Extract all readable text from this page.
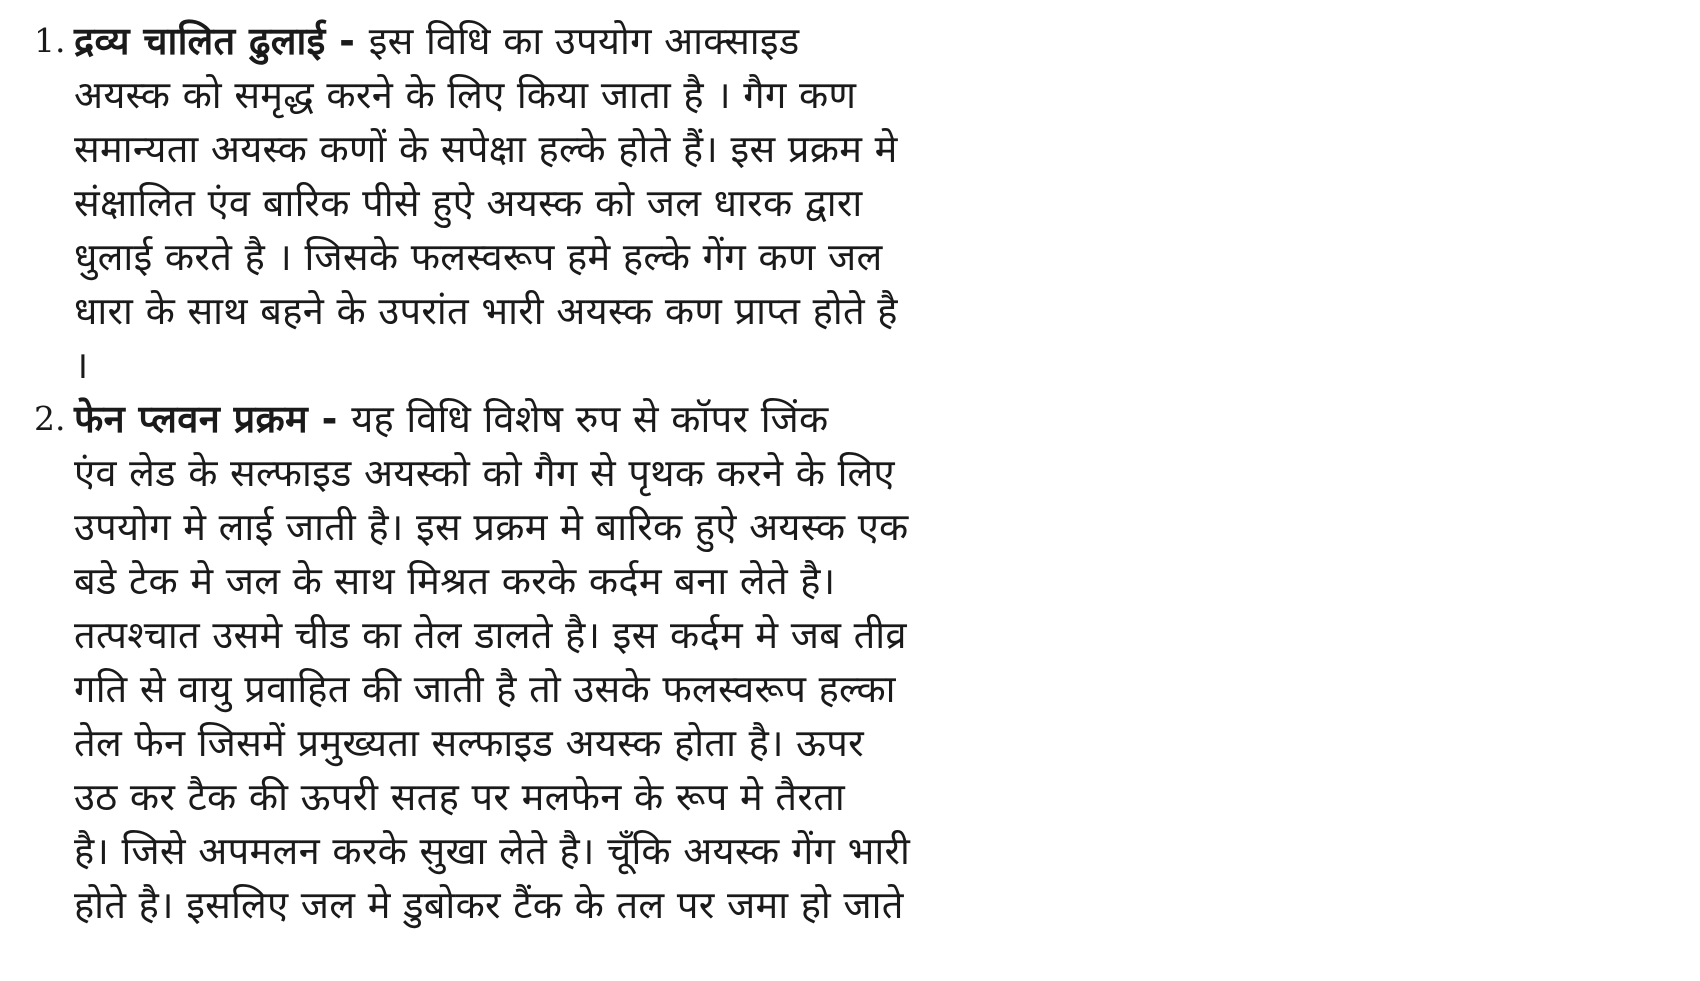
1. द्रव्य चालित ढुलाई - इस विधि का उपयोग आक्साइड
अयस्क को समृद्ध करने के लिए किया जाता है । गैग कण
समान्यता अयस्क कणों के सपेक्षा हल्के होते हैं। इस प्रक्रम मे
संक्षालित एंव बारिक पीसेे हुऐ अयस्क को जल धारक द्वारा
धुलाई करते है । जिसके फलस्वरूप हमे हल्के गेंग कण जल
धारा के साथ बहने के उपरांत भारी अयस्क कण प्राप्त होते है
।
2. फेन प्लवन प्रक्रम - यह विधि विशेष रुप से कॉपर जिंक
एंव लेड के सल्फाइड अयस्को को गैग से पृथक करने के लिए
उपयोग मे लाई जाती है। इस प्रक्रम मे बारिक हुऐ अयस्क एक
बडे टेक मे जल के साथ मिश्रत करके कर्दम बना लेते है।
तत्पश्चात उसमे चीड का तेल डालते है। इस कर्दम मे जब तीव्र
गति से वायु प्रवाहित की जाती है तो उसके फलस्वरूप हल्का
तेल फेन जिसमें प्रमुख्यता सल्फाइड अयस्क होता है। ऊपर
उठ कर टैक की ऊपरी सतह पर मलफेन के रूप मे तैरता
है। जिसे अपमलन करके सुखा लेते है। चूँकि अयस्क गेंग भारी
होते है। इसलिए जल मे डुबोकर टैंक के तल पर जमा हो जाते
